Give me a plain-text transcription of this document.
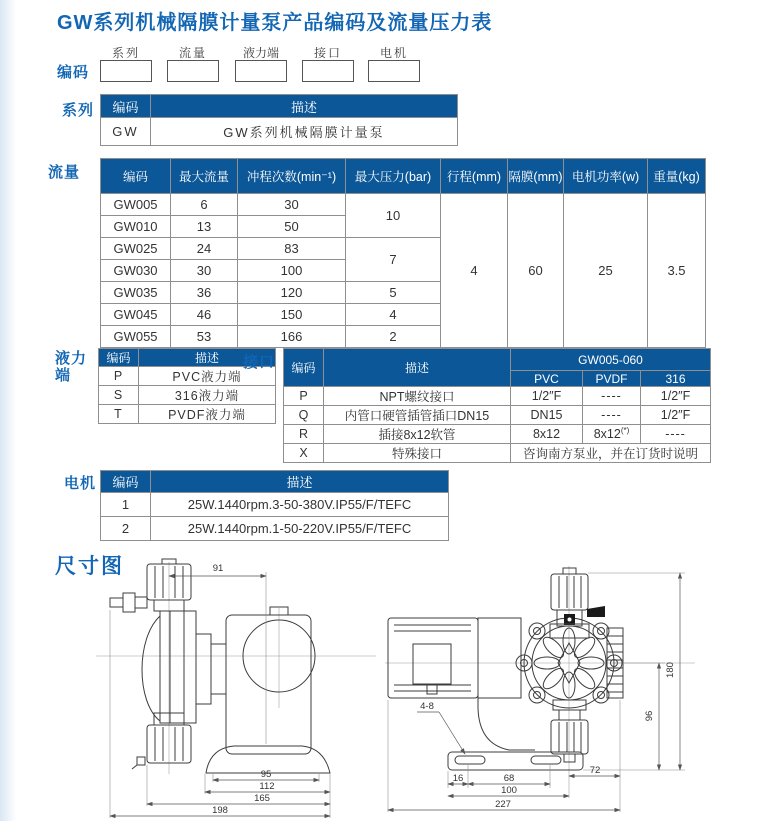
GW系列机械隔膜计量泵产品编码及流量压力表
编码
系列	流量	液力端	接口	电机
系列 编码	描述
GW	GW系列机械隔膜计量泵
流量	编码	最大流量	冲程次数(min⁻¹)	最大压力(bar)	行程(mm)	隔膜(mm)	电机功率(w)	重量(kg)
GW005	6	30	10	4	60	25	3.5
GW010	13	50					
GW025	24	83	7				
GW030	30	100					
GW035	36	120	5				
GW045	46	150	4				
GW055	53	166	2				
液力端
编码	描述
P	PVC液力端
S	316液力端
T	PVDF液力端
接口 编码	描述	GW005-060		
		PVC	PVDF	316
P	NPT螺纹接口	1/2″F	----	1/2″F
Q	内管口硬管插管插口DN15	DN15	----	1/2″F
R	插接8x12软管	8x12	8x12(*)	----
X	特殊接口	咨询南方泵业，并在订货时说明		
电机 编码	描述
1	25W.1440rpm.3-50-380V.IP55/F/TEFC
2	25W.1440rpm.1-50-220V.IP55/F/TEFC
尺寸图	91
95
112
165
198
4-8
16	68
72
100
227
96
180
